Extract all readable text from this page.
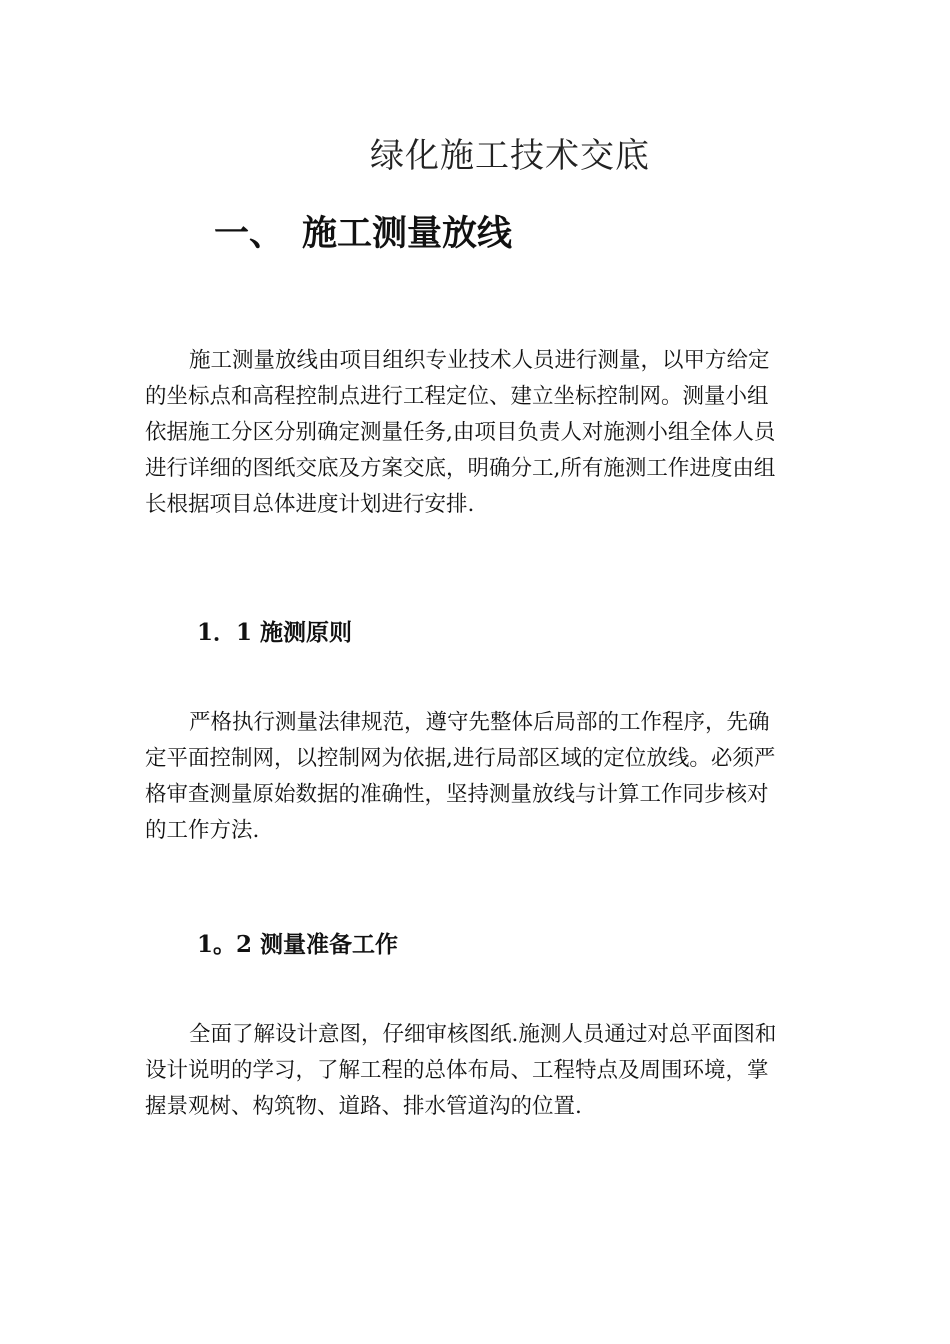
绿化施工技术交底
一、 施工测量放线
施工测量放线由项目组织专业技术人员进行测量，以甲方给定
的坐标点和高程控制点进行工程定位、建立坐标控制网。测量小组
依据施工分区分别确定测量任务,由项目负责人对施测小组全体人员
进行详细的图纸交底及方案交底，明确分工,所有施测工作进度由组
长根据项目总体进度计划进行安排.
1．1 施测原则
严格执行测量法律规范，遵守先整体后局部的工作程序，先确
定平面控制网，以控制网为依据,进行局部区域的定位放线。必须严
格审查测量原始数据的准确性，坚持测量放线与计算工作同步核对
的工作方法.
1。2 测量准备工作
全面了解设计意图，仔细审核图纸.施测人员通过对总平面图和
设计说明的学习，了解工程的总体布局、工程特点及周围环境，掌
握景观树、构筑物、道路、排水管道沟的位置.
